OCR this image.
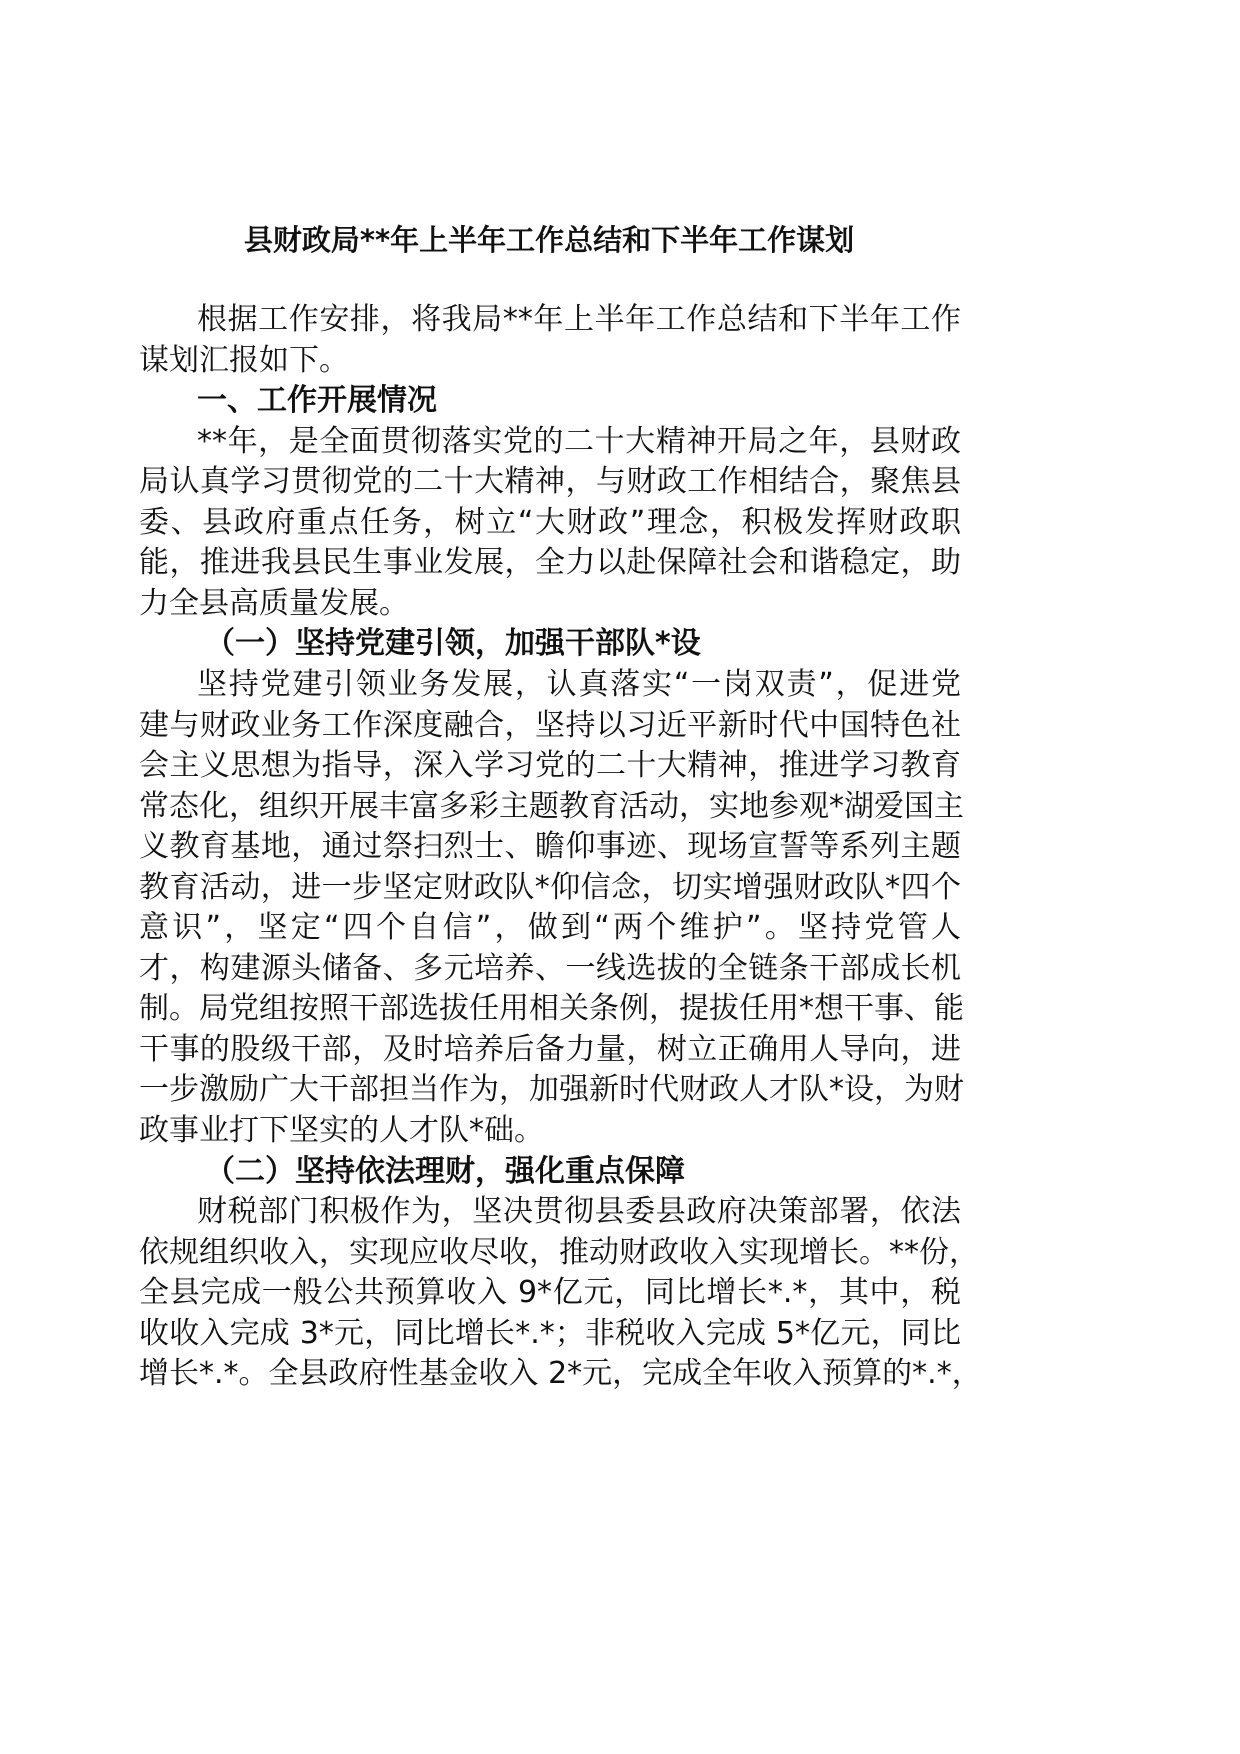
县财政局**年上半年工作总结和下半年工作谋划
根据工作安排，将我局**年上半年工作总结和下半年工作
谋划汇报如下。
一、工作开展情况
**年，是全面贯彻落实党的二十大精神开局之年，县财政
局认真学习贯彻党的二十大精神，与财政工作相结合，聚焦县
委、县政府重点任务，树立“大财政”理念，积极发挥财政职
能，推进我县民生事业发展，全力以赴保障社会和谐稳定，助
力全县高质量发展。
（一）坚持党建引领，加强干部队*设
坚持党建引领业务发展，认真落实“一岗双责”，促进党
建与财政业务工作深度融合，坚持以习近平新时代中国特色社
会主义思想为指导，深入学习党的二十大精神，推进学习教育
常态化，组织开展丰富多彩主题教育活动，实地参观*湖爱国主
义教育基地，通过祭扫烈士、瞻仰事迹、现场宣誓等系列主题
教育活动，进一步坚定财政队*仰信念，切实增强财政队*四个
意识”，坚定“四个自信”，做到“两个维护”。坚持党管人
才，构建源头储备、多元培养、一线选拔的全链条干部成长机
制。局党组按照干部选拔任用相关条例，提拔任用*想干事、能
干事的股级干部，及时培养后备力量，树立正确用人导向，进
一步激励广大干部担当作为，加强新时代财政人才队*设，为财
政事业打下坚实的人才队*础。
（二）坚持依法理财，强化重点保障
财税部门积极作为，坚决贯彻县委县政府决策部署，依法
依规组织收入，实现应收尽收，推动财政收入实现增长。**份，
全县完成一般公共预算收入 9*亿元，同比增长*.*，其中，税
收收入完成 3*元，同比增长*.*；非税收入完成 5*亿元，同比
增长*.*。全县政府性基金收入 2*元，完成全年收入预算的*.*，
